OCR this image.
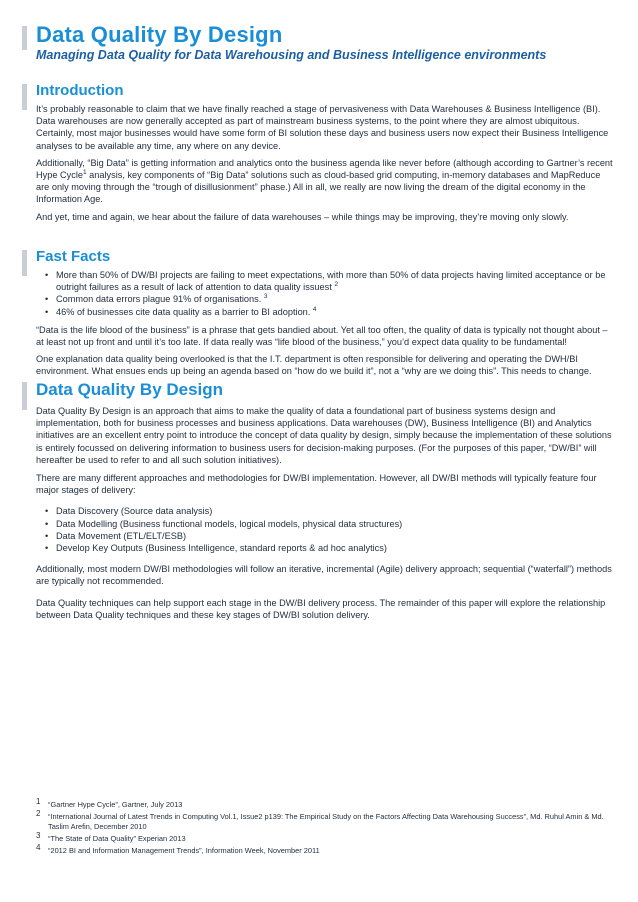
Data Quality By Design
Managing Data Quality for Data Warehousing and Business Intelligence environments
Introduction

It’s probably reasonable to claim that we have finally reached a stage of pervasiveness with Data Warehouses & Business Intelligence (BI). Data warehouses are now generally accepted as part of mainstream business systems, to the point where they are almost ubiquitous. Certainly, most major businesses would have some form of BI solution these days and business users now expect their Business Intelligence analyses to be available any time, any where on any device.

Additionally, “Big Data” is getting information and analytics onto the business agenda like never before (although according to Gartner’s recent Hype Cycle$^1$ analysis, key components of “Big Data” solutions such as cloud-based grid computing, in-memory databases and MapReduce are only moving through the “trough of disillusionment” phase.) All in all, we really are now living the dream of the digital economy in the Information Age.

And yet, time and again, we hear about the failure of data warehouses – while things may be improving, they’re moving only slowly.

Fast Facts
• More than 50% of DW/BI projects are failing to meet expectations, with more than 50% of data projects having limited acceptance or be outright failures as a result of lack of attention to data quality issuest $^2$
• Common data errors plague 91% of organisations. $^3$
• 46% of businesses cite data quality as a barrier to BI adoption. $^4$

“Data is the life blood of the business” is a phrase that gets bandied about. Yet all too often, the quality of data is typically not thought about – at least not up front and until it’s too late. If data really was “life blood of the business,” you’d expect data quality to be fundamental!

One explanation data quality being overlooked is that the I.T. department is often responsible for delivering and operating the DWH/BI environment. What ensues ends up being an agenda based on “how do we build it”, not a “why are we doing this”. This needs to change.

Data Quality By Design

Data Quality By Design is an approach that aims to make the quality of data a foundational part of business systems design and implementation, both for business processes and business applications. Data warehouses (DW), Business Intelligence (BI) and Analytics initiatives are an excellent entry point to introduce the concept of data quality by design, simply because the implementation of these solutions is entirely focussed on delivering information to business users for decision-making purposes. (For the purposes of this paper, “DW/BI” will hereafter be used to refer to and all such solution initiatives).

There are many different approaches and methodologies for DW/BI implementation. However, all DW/BI methods will typically feature four major stages of delivery:

• Data Discovery (Source data analysis)
• Data Modelling (Business functional models, logical models, physical data structures)
• Data Movement (ETL/ELT/ESB)
• Develop Key Outputs (Business Intelligence, standard reports & ad hoc analytics)

Additionally, most modern DW/BI methodologies will follow an iterative, incremental (Agile) delivery approach; sequential (“waterfall”) methods are typically not recommended.

Data Quality techniques can help support each stage in the DW/BI delivery process. The remainder of this paper will explore the relationship between Data Quality techniques and these key stages of DW/BI solution delivery.

1	“Gartner Hype Cycle”, Gartner, July 2013
2	“International Journal of Latest Trends in Computing Vol.1, Issue2 p139: The Empirical Study on the Factors Affecting Data Warehousing Success”, Md. Ruhul Amin & Md. Taslim Arefin, December 2010
3	“The State of Data Quality” Experian 2013
4	“2012 BI and Information Management Trends”, Information Week, November 2011
